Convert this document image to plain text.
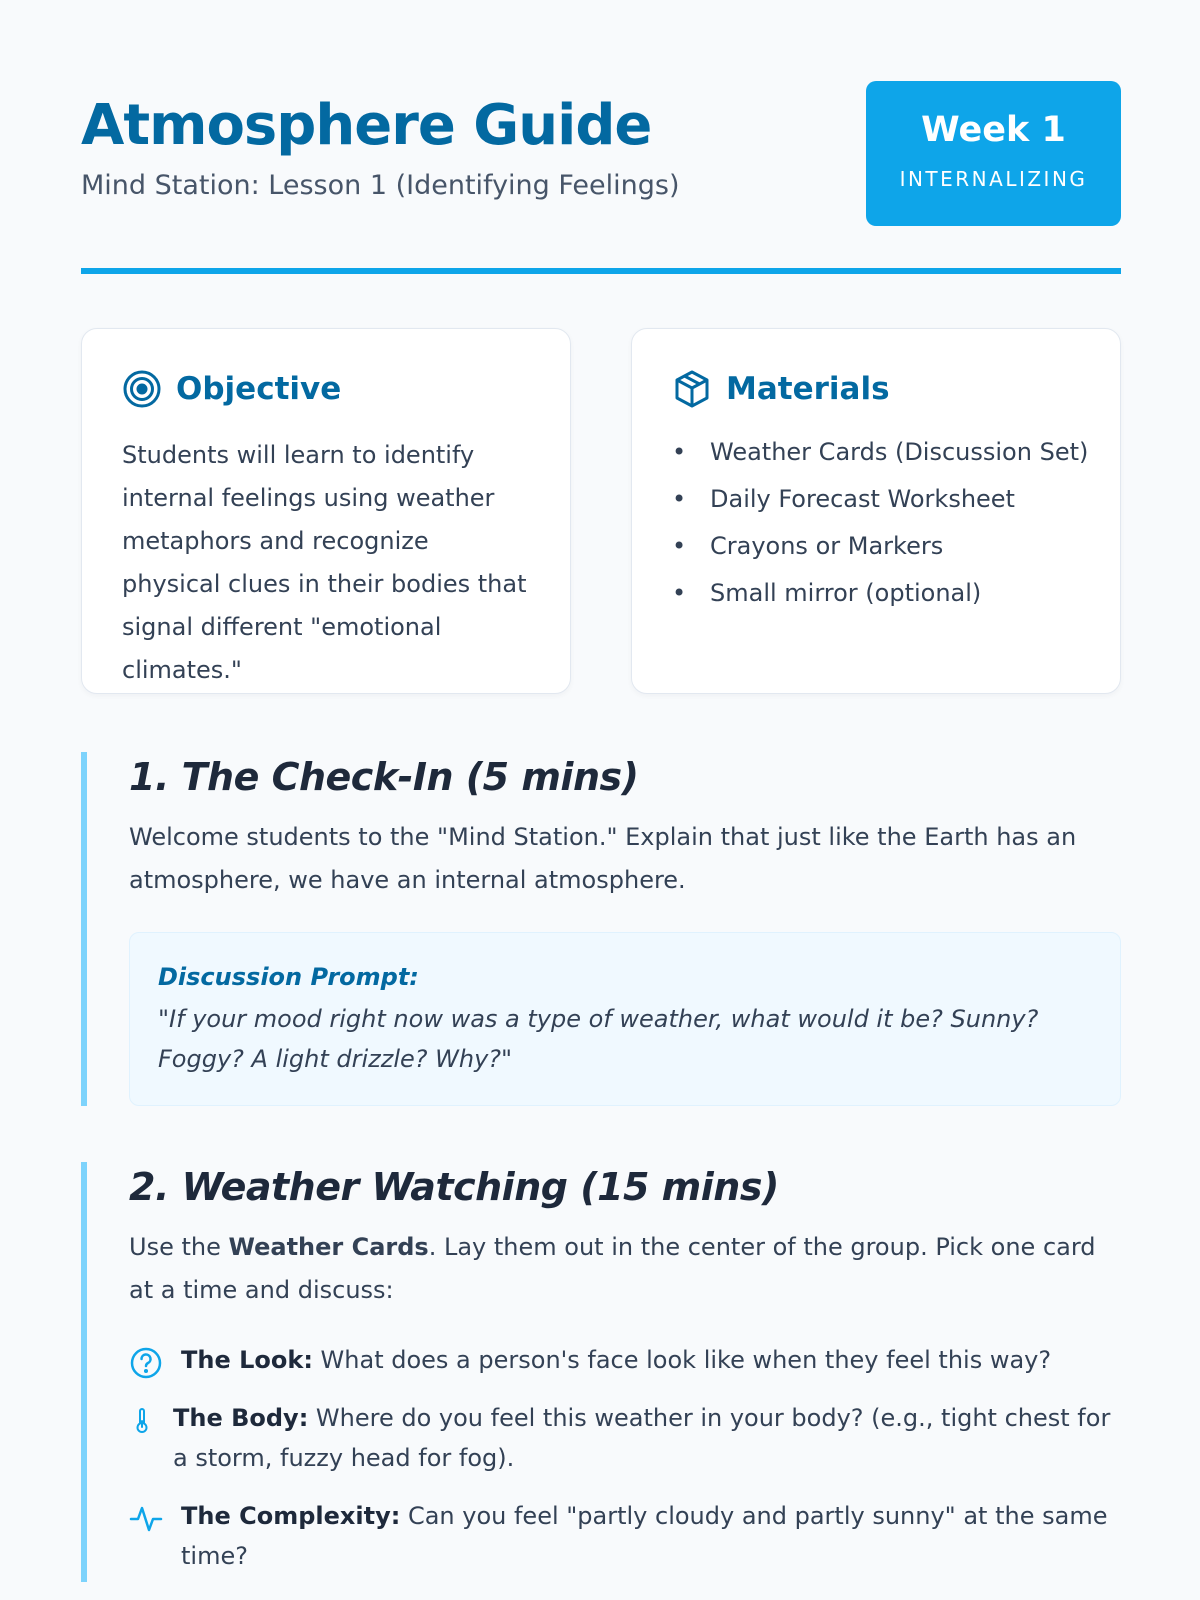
Atmosphere Guide

Mind Station: Lesson 1 (Identifying Feelings)

Week 1
INTERNALIZING
Objective

Students will learn to identify internal feelings using weather metaphors and recognize physical clues in their bodies that signal different "emotional climates."

Materials
• Weather Cards (Discussion Set)
• Daily Forecast Worksheet
• Crayons or Markers
• Small mirror (optional)
1. The Check-In (5 mins)

Welcome students to the "Mind Station." Explain that just like the Earth has an atmosphere, we have an internal atmosphere.

Discussion Prompt:
"If your mood right now was a type of weather, what would it be? Sunny? Foggy? A light drizzle? Why?"
2. Weather Watching (15 mins)

Use the Weather Cards. Lay them out in the center of the group. Pick one card at a time and discuss:

The Look: What does a person's face look like when they feel this way?
The Body: Where do you feel this weather in your body? (e.g., tight chest for a storm, fuzzy head for fog).
The Complexity: Can you feel "partly cloudy and partly sunny" at the same time?
